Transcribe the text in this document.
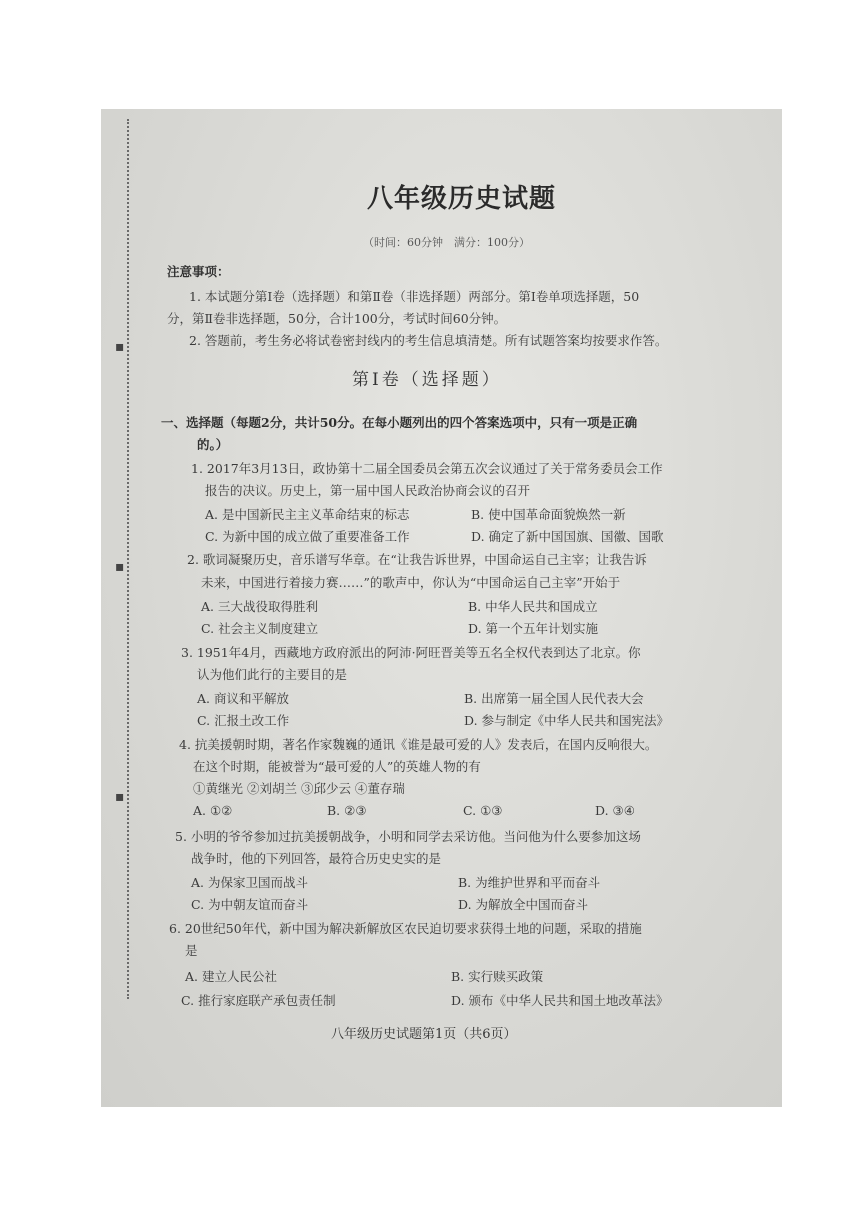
▪
▪
▪
八年级历史试题
（时间：60分钟　满分：100分）
注意事项：
1. 本试题分第Ⅰ卷（选择题）和第Ⅱ卷（非选择题）两部分。第Ⅰ卷单项选择题，50
分，第Ⅱ卷非选择题，50分，合计100分，考试时间60分钟。
2. 答题前，考生务必将试卷密封线内的考生信息填清楚。所有试题答案均按要求作答。
第Ⅰ卷（选择题）
一、选择题（每题2分，共计50分。在每小题列出的四个答案选项中，只有一项是正确
的。）
1. 2017年3月13日，政协第十二届全国委员会第五次会议通过了关于常务委员会工作
报告的决议。历史上，第一届中国人民政治协商会议的召开
A. 是中国新民主主义革命结束的标志	B. 使中国革命面貌焕然一新
C. 为新中国的成立做了重要准备工作	D. 确定了新中国国旗、国徽、国歌
2. 歌词凝聚历史，音乐谱写华章。在“让我告诉世界，中国命运自己主宰；让我告诉
未来，中国进行着接力赛……”的歌声中，你认为“中国命运自己主宰”开始于
A. 三大战役取得胜利	B. 中华人民共和国成立
C. 社会主义制度建立	D. 第一个五年计划实施
3. 1951年4月，西藏地方政府派出的阿沛·阿旺晋美等五名全权代表到达了北京。你
认为他们此行的主要目的是
A. 商议和平解放	B. 出席第一届全国人民代表大会
C. 汇报土改工作	D. 参与制定《中华人民共和国宪法》
4. 抗美援朝时期，著名作家魏巍的通讯《谁是最可爱的人》发表后，在国内反响很大。
在这个时期，能被誉为“最可爱的人”的英雄人物的有
①黄继光 ②刘胡兰 ③邱少云 ④董存瑞
A. ①②	B. ②③	C. ①③	D. ③④
5. 小明的爷爷参加过抗美援朝战争，小明和同学去采访他。当问他为什么要参加这场
战争时，他的下列回答，最符合历史史实的是
A. 为保家卫国而战斗	B. 为维护世界和平而奋斗
C. 为中朝友谊而奋斗	D. 为解放全中国而奋斗
6. 20世纪50年代，新中国为解决新解放区农民迫切要求获得土地的问题，采取的措施
是
A. 建立人民公社	B. 实行赎买政策
C. 推行家庭联产承包责任制	D. 颁布《中华人民共和国土地改革法》
八年级历史试题第1页（共6页）
